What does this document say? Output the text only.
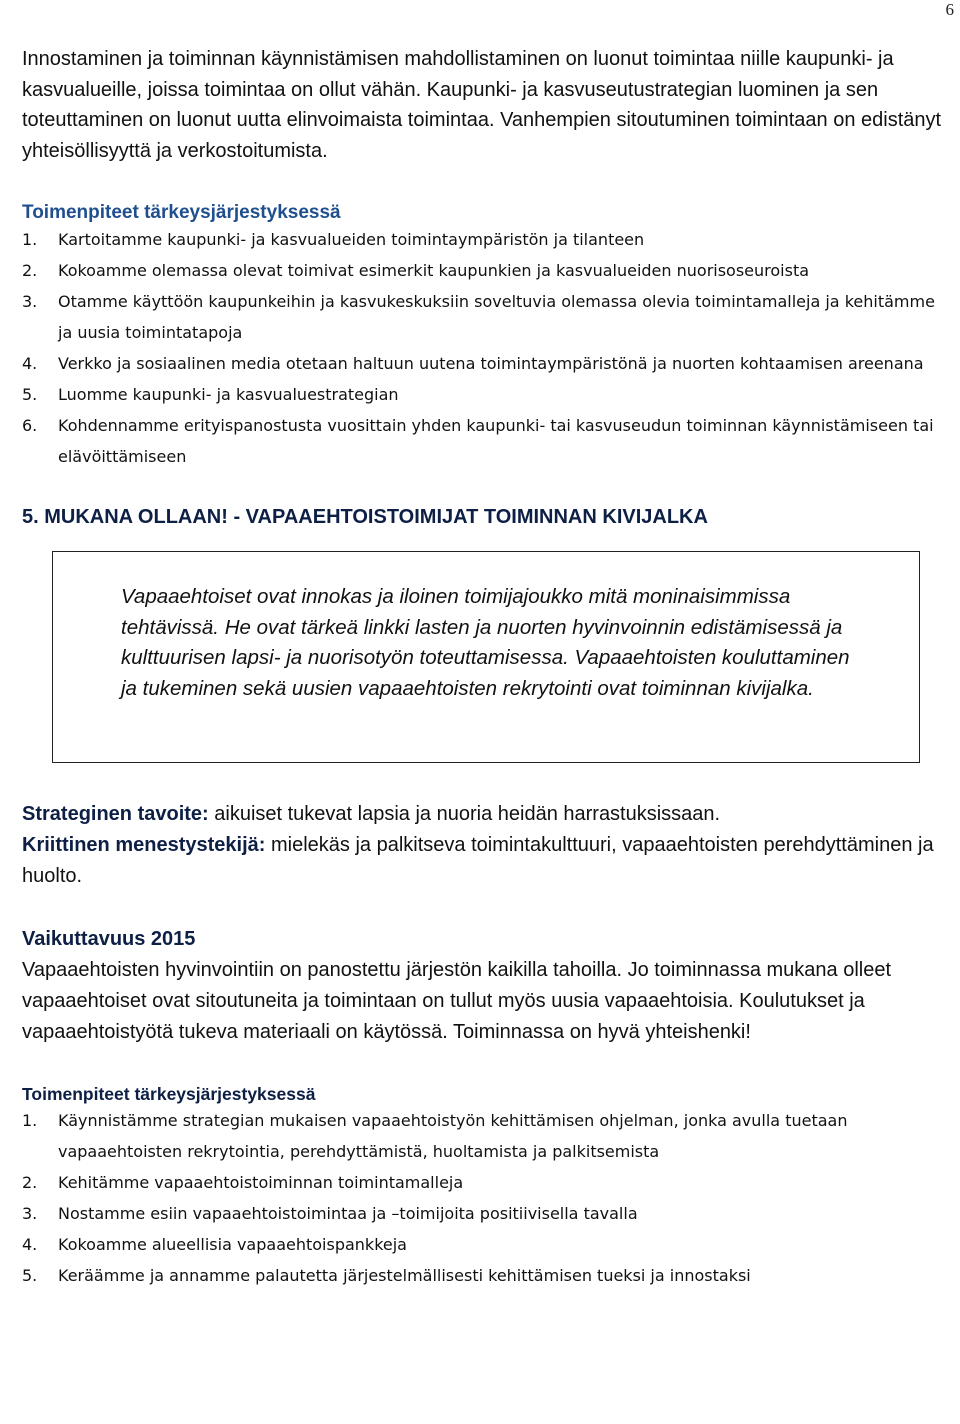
6

Innostaminen ja toiminnan käynnistämisen mahdollistaminen on luonut toimintaa niille kaupunki- ja kasvualueille, joissa toimintaa on ollut vähän. Kaupunki- ja kasvuseutustrategian luominen ja sen toteuttaminen on luonut uutta elinvoimaista toimintaa. Vanhempien sitoutuminen toimintaan on edistänyt yhteisöllisyyttä ja verkostoitumista.

Toimenpiteet tärkeysjärjestyksessä
1.	Kartoitamme kaupunki- ja kasvualueiden toimintaympäristön ja tilanteen
2.	Kokoamme olemassa olevat toimivat esimerkit kaupunkien ja kasvualueiden nuorisoseuroista
3.	Otamme käyttöön kaupunkeihin ja kasvukeskuksiin soveltuvia olemassa olevia toimintamalleja ja kehitämme ja uusia toimintatapoja
4.	Verkko ja sosiaalinen media otetaan haltuun uutena toimintaympäristönä ja nuorten kohtaamisen areenana
5.	Luomme kaupunki- ja kasvualuestrategian
6.	Kohdennamme erityispanostusta vuosittain yhden kaupunki- tai kasvuseudun toiminnan käynnistämiseen tai elävöittämiseen
5. MUKANA OLLAAN! - VAPAAEHTOISTOIMIJAT TOIMINNAN KIVIJALKA
Vapaaehtoiset ovat innokas ja iloinen toimijajoukko mitä moninaisimmissa tehtävissä. He ovat tärkeä linkki lasten ja nuorten hyvinvoinnin edistämisessä ja kulttuurisen lapsi- ja nuorisotyön toteuttamisessa. Vapaaehtoisten kouluttaminen ja tukeminen sekä uusien vapaaehtoisten rekrytointi ovat toiminnan kivijalka.
Strateginen tavoite: aikuiset tukevat lapsia ja nuoria heidän harrastuksissaan.
Kriittinen menestystekijä: mielekäs ja palkitseva toimintakulttuuri, vapaaehtoisten perehdyttäminen ja huolto.
Vaikuttavuus 2015
Vapaaehtoisten hyvinvointiin on panostettu järjestön kaikilla tahoilla. Jo toiminnassa mukana olleet vapaaehtoiset ovat sitoutuneita ja toimintaan on tullut myös uusia vapaaehtoisia. Koulutukset ja vapaaehtoistyötä tukeva materiaali on käytössä. Toiminnassa on hyvä yhteishenki!
Toimenpiteet tärkeysjärjestyksessä
1.	Käynnistämme strategian mukaisen vapaaehtoistyön kehittämisen ohjelman, jonka avulla tuetaan vapaaehtoisten rekrytointia, perehdyttämistä, huoltamista ja palkitsemista
2.	Kehitämme vapaaehtoistoiminnan toimintamalleja
3.	Nostamme esiin vapaaehtoistoimintaa ja –toimijoita positiivisella tavalla
4.	Kokoamme alueellisia vapaaehtoispankkeja
5.	Keräämme ja annamme palautetta järjestelmällisesti kehittämisen tueksi ja innostaksi
